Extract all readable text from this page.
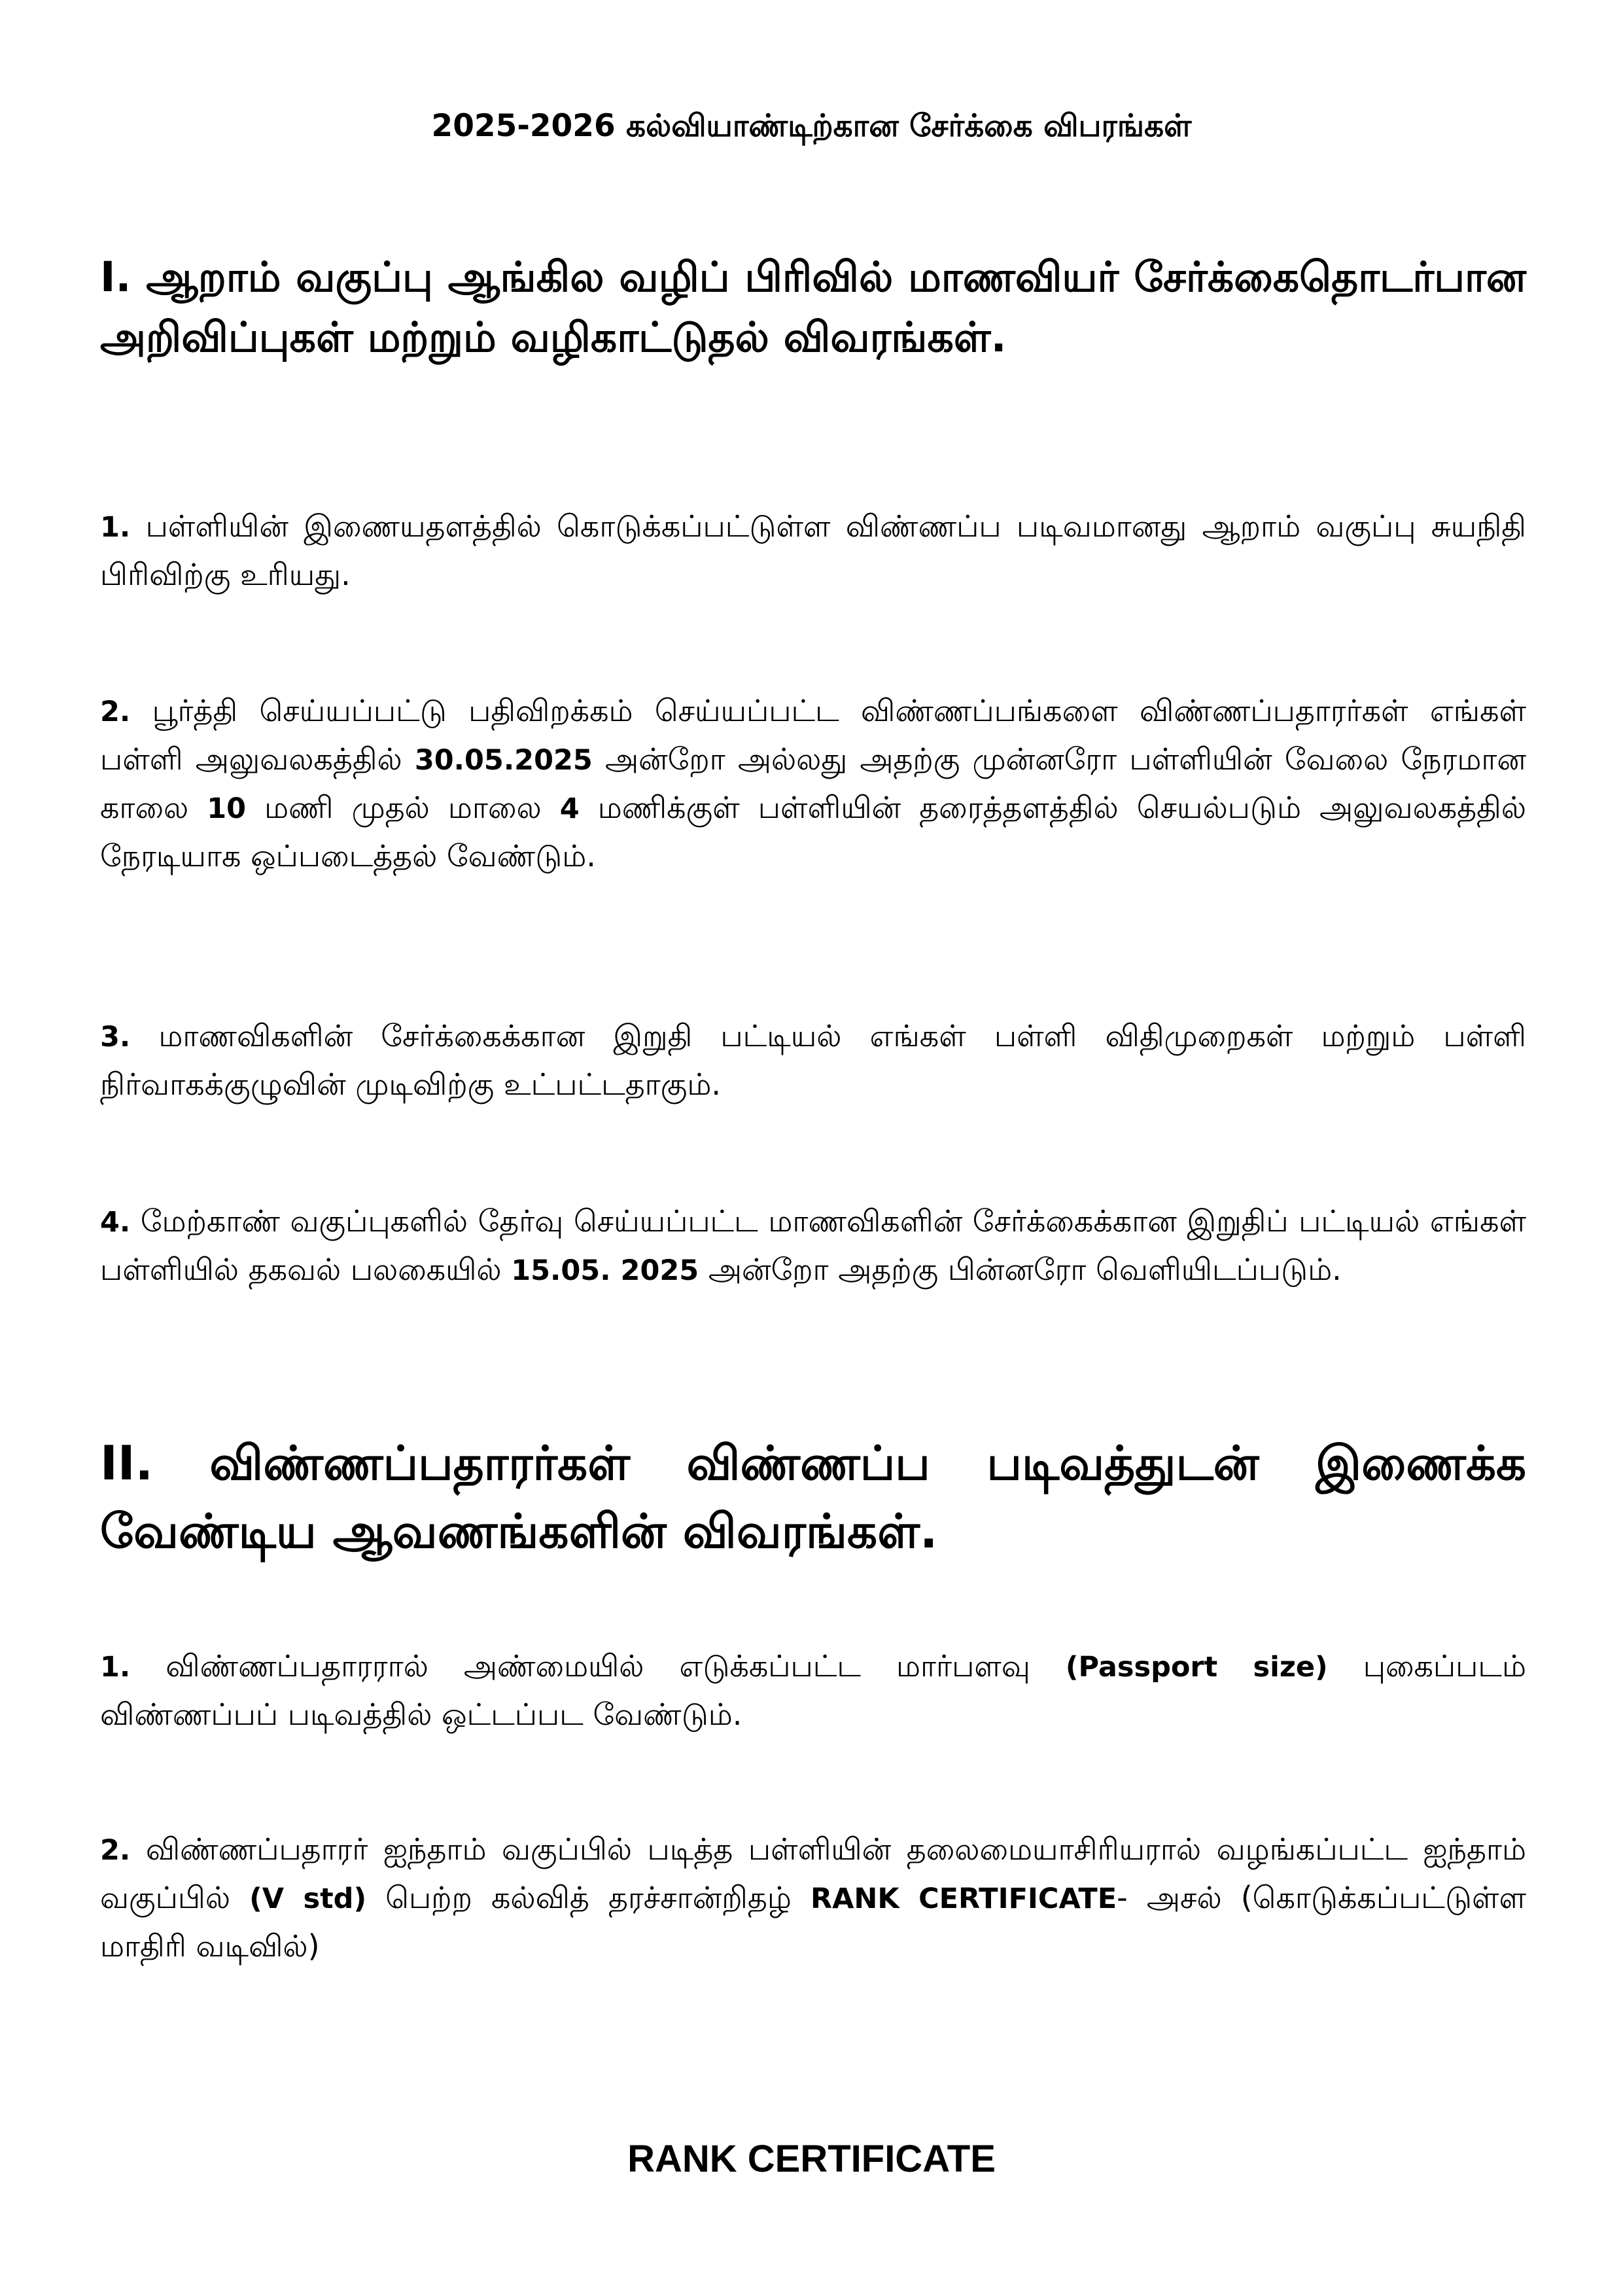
2025-2026 கல்வியாண்டிற்கான சேர்க்கை விபரங்கள்
I. ஆறாம் வகுப்பு ஆங்கில வழிப் பிரிவில் மாணவியர் சேர்க்கைதொடர்பான அறிவிப்புகள் மற்றும் வழிகாட்டுதல் விவரங்கள்.
1. பள்ளியின் இணையதளத்தில் கொடுக்கப்பட்டுள்ள விண்ணப்ப படிவமானது ஆறாம் வகுப்பு சுயநிதி பிரிவிற்கு உரியது.
2. பூர்த்தி செய்யப்பட்டு பதிவிறக்கம் செய்யப்பட்ட விண்ணப்பங்களை விண்ணப்பதாரர்கள் எங்கள் பள்ளி அலுவலகத்தில் 30.05.2025 அன்றோ அல்லது அதற்கு முன்னரோ பள்ளியின் வேலை நேரமான காலை 10 மணி முதல் மாலை 4 மணிக்குள் பள்ளியின் தரைத்தளத்தில் செயல்படும் அலுவலகத்தில் நேரடியாக ஒப்படைத்தல் வேண்டும்.
3. மாணவிகளின் சேர்க்கைக்கான இறுதி பட்டியல் எங்கள் பள்ளி விதிமுறைகள் மற்றும் பள்ளி நிர்வாகக்குழுவின் முடிவிற்கு உட்பட்டதாகும்.
4. மேற்காண் வகுப்புகளில் தேர்வு செய்யப்பட்ட மாணவிகளின் சேர்க்கைக்கான இறுதிப் பட்டியல் எங்கள் பள்ளியில் தகவல் பலகையில் 15.05. 2025 அன்றோ அதற்கு பின்னரோ வெளியிடப்படும்.
II. விண்ணப்பதாரர்கள் விண்ணப்ப படிவத்துடன் இணைக்க வேண்டிய ஆவணங்களின் விவரங்கள்.
1. விண்ணப்பதாரரால் அண்மையில் எடுக்கப்பட்ட மார்பளவு (Passport size) புகைப்படம் விண்ணப்பப் படிவத்தில் ஒட்டப்பட வேண்டும்.
2. விண்ணப்பதாரர் ஐந்தாம் வகுப்பில் படித்த பள்ளியின் தலைமையாசிரியரால் வழங்கப்பட்ட ஐந்தாம் வகுப்பில் (V std) பெற்ற கல்வித் தரச்சான்றிதழ் RANK CERTIFICATE- அசல் (கொடுக்கப்பட்டுள்ள மாதிரி வடிவில்)
RANK CERTIFICATE
